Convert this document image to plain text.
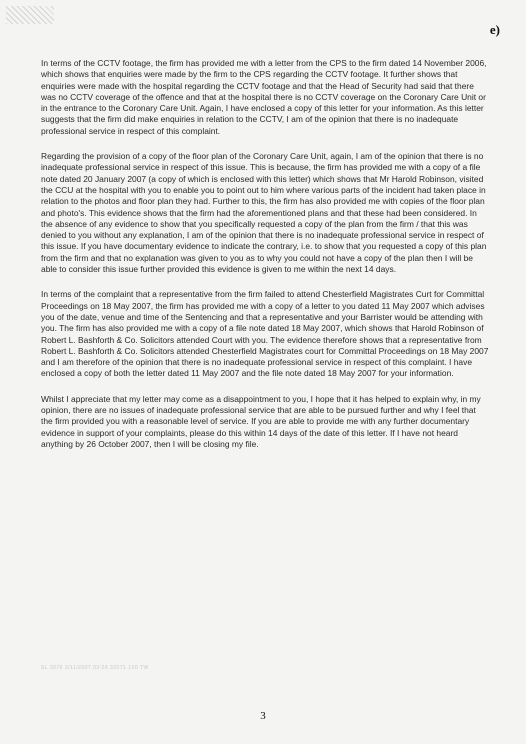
e)

In terms of the CCTV footage, the firm has provided me with a letter from the CPS to the firm dated 14 November 2006, which shows that enquiries were made by the firm to the CPS regarding the CCTV footage. It further shows that enquiries were made with the hospital regarding the CCTV footage and that the Head of Security had said that there was no CCTV coverage of the offence and that at the hospital there is no CCTV coverage on the Coronary Care Unit or in the entrance to the Coronary Care Unit. Again, I have enclosed a copy of this letter for your information. As this letter suggests that the firm did make enquiries in relation to the CCTV, I am of the opinion that there is no inadequate professional service in respect of this complaint.

Regarding the provision of a copy of the floor plan of the Coronary Care Unit, again, I am of the opinion that there is no inadequate professional service in respect of this issue. This is because, the firm has provided me with a copy of a file note dated 20 January 2007 (a copy of which is enclosed with this letter) which shows that Mr Harold Robinson, visited the CCU at the hospital with you to enable you to point out to him where various parts of the incident had taken place in relation to the photos and floor plan they had. Further to this, the firm has also provided me with copies of the floor plan and photo's. This evidence shows that the firm had the aforementioned plans and that these had been considered. In the absence of any evidence to show that you specifically requested a copy of the plan from the firm / that this was denied to you without any explanation, I am of the opinion that there is no inadequate professional service in respect of this issue. If you have documentary evidence to indicate the contrary, i.e. to show that you requested a copy of this plan from the firm and that no explanation was given to you as to why you could not have a copy of the plan then I will be able to consider this issue further provided this evidence is given to me within the next 14 days.

In terms of the complaint that a representative from the firm failed to attend Chesterfield Magistrates Curt for Committal Proceedings on 18 May 2007, the firm has provided me with a copy of a letter to you dated 11 May 2007 which advises you of the date, venue and time of the Sentencing and that a representative and your Barrister would be attending with you. The firm has also provided me with a copy of a file note dated 18 May 2007, which shows that Harold Robinson of Robert L. Bashforth & Co. Solicitors attended Court with you. The evidence therefore shows that a representative from Robert L. Bashforth & Co. Solicitors attended Chesterfield Magistrates court for Committal Proceedings on 18 May 2007 and I am therefore of the opinion that there is no inadequate professional service in respect of this complaint. I have enclosed a copy of both the letter dated 11 May 2007 and the file note dated 18 May 2007 for your information.

Whilst I appreciate that my letter may come as a disappointment to you, I hope that it has helped to explain why, in my opinion, there are no issues of inadequate professional service that are able to be pursued further and why I feel that the firm provided you with a reasonable level of service. If you are able to provide me with any further documentary evidence in support of your complaints, please do this within 14 days of the date of this letter. If I have not heard anything by 26 October 2007, then I will be closing my file.

SL 3076 3/11/2007 03:26 32071 100 TW
3
